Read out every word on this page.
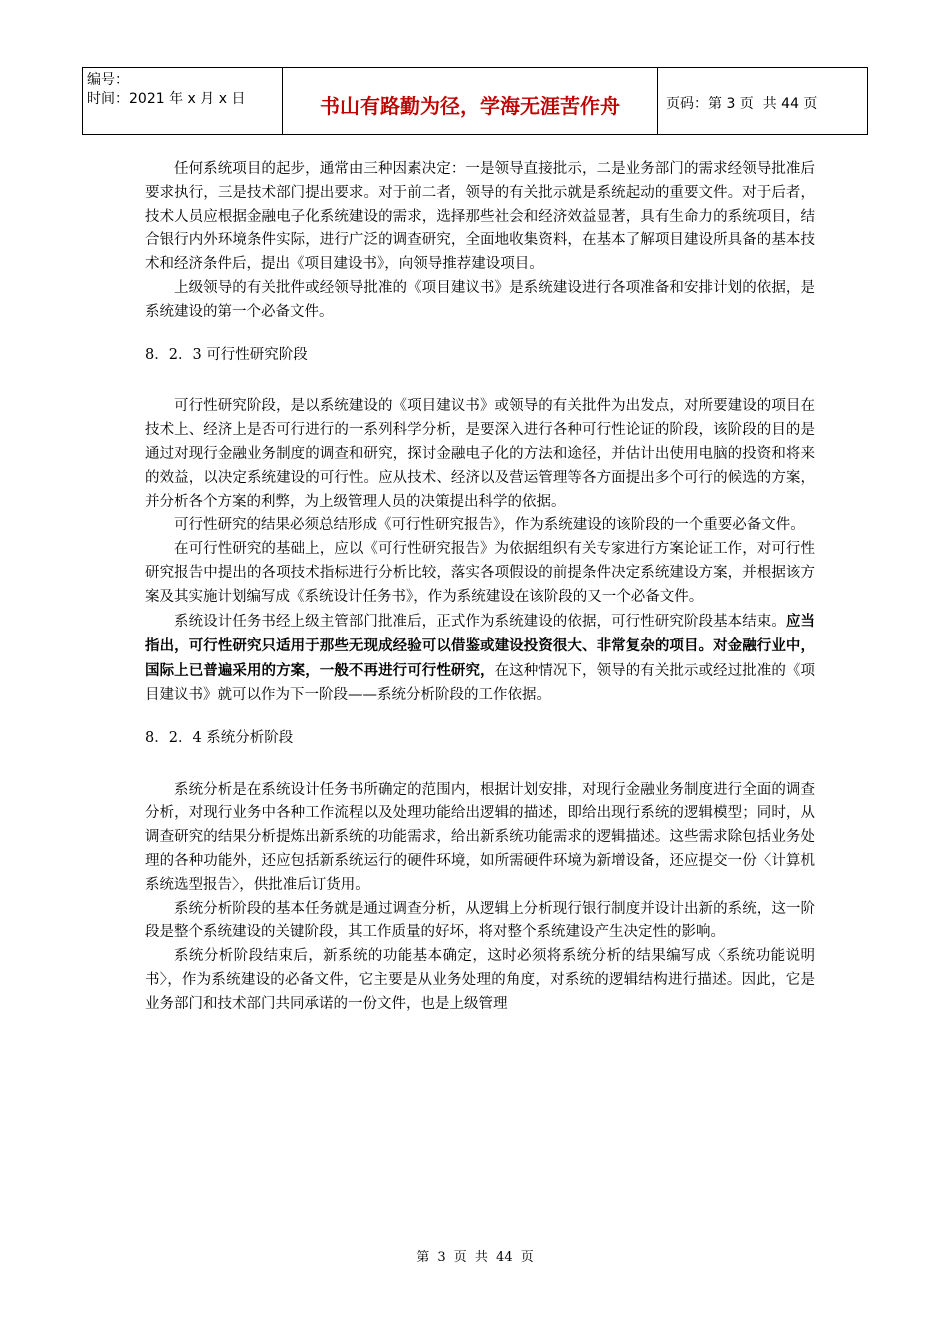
编号：
时间：2021 年 x 月 x 日	书山有路勤为径，学海无涯苦作舟	页码：第 3 页  共 44 页

任何系统项目的起步，通常由三种因素决定：一是领导直接批示，二是业务部门的需求经领导批准后要求执行，三是技术部门提出要求。对于前二者，领导的有关批示就是系统起动的重要文件。对于后者，技术人员应根据金融电子化系统建设的需求，选择那些社会和经济效益显著，具有生命力的系统项目，结合银行内外环境条件实际，进行广泛的调查研究，全面地收集资料，在基本了解项目建设所具备的基本技术和经济条件后，提出《项目建设书》，向领导推荐建设项目。

上级领导的有关批件或经领导批准的《项目建议书》是系统建设进行各项准备和安排计划的依据，是系统建设的第一个必备文件。

8．2．3 可行性研究阶段

可行性研究阶段，是以系统建设的《项目建议书》或领导的有关批件为出发点，对所要建设的项目在技术上、经济上是否可行进行的一系列科学分析，是要深入进行各种可行性论证的阶段，该阶段的目的是通过对现行金融业务制度的调查和研究，探讨金融电子化的方法和途径，并估计出使用电脑的投资和将来的效益，以决定系统建设的可行性。应从技术、经济以及营运管理等各方面提出多个可行的候选的方案，并分析各个方案的利弊，为上级管理人员的决策提出科学的依据。

可行性研究的结果必须总结形成《可行性研究报告》，作为系统建设的该阶段的一个重要必备文件。

在可行性研究的基础上，应以《可行性研究报告》为依据组织有关专家进行方案论证工作，对可行性研究报告中提出的各项技术指标进行分析比较，落实各项假设的前提条件决定系统建设方案，并根据该方案及其实施计划编写成《系统设计任务书》，作为系统建设在该阶段的又一个必备文件。

系统设计任务书经上级主管部门批准后，正式作为系统建设的依据，可行性研究阶段基本结束。应当指出，可行性研究只适用于那些无现成经验可以借鉴或建设投资很大、非常复杂的项目。对金融行业中，国际上已普遍采用的方案，一般不再进行可行性研究，在这种情况下，领导的有关批示或经过批准的《项目建议书》就可以作为下一阶段——系统分析阶段的工作依据。

8．2．4 系统分析阶段

系统分析是在系统设计任务书所确定的范围内，根据计划安排，对现行金融业务制度进行全面的调查分析，对现行业务中各种工作流程以及处理功能给出逻辑的描述，即给出现行系统的逻辑模型；同时，从调查研究的结果分析提炼出新系统的功能需求，给出新系统功能需求的逻辑描述。这些需求除包括业务处理的各种功能外，还应包括新系统运行的硬件环境，如所需硬件环境为新增设备，还应提交一份〈计算机系统选型报告〉，供批准后订货用。

系统分析阶段的基本任务就是通过调查分析，从逻辑上分析现行银行制度并设计出新的系统，这一阶段是整个系统建设的关键阶段，其工作质量的好坏，将对整个系统建设产生决定性的影响。

系统分析阶段结束后，新系统的功能基本确定，这时必须将系统分析的结果编写成〈系统功能说明书〉，作为系统建设的必备文件，它主要是从业务处理的角度，对系统的逻辑结构进行描述。因此，它是业务部门和技术部门共同承诺的一份文件，也是上级管理

第 3 页 共 44 页
